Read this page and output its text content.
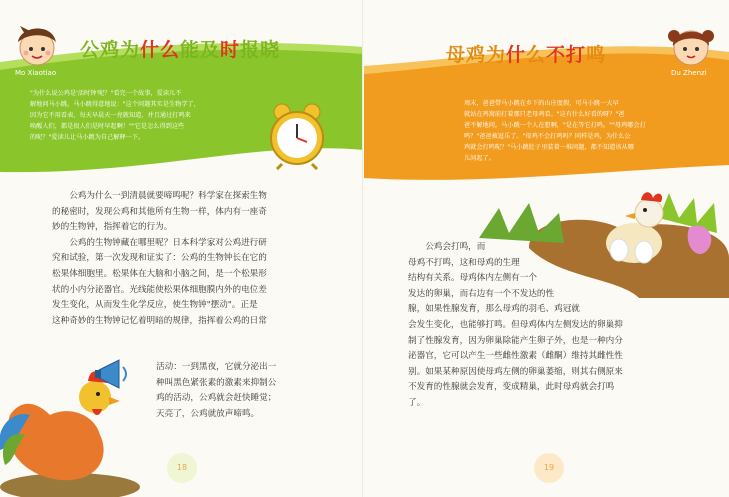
Mo Xiaotiao
公鸡为什么能及时报晓
"为什么说公鸡是'活时钟'呢？"看完一个故事，爱读儿不
解地问马小跳。马小跳得意地说："这个问题其实是生物学了，
因为它不用看表，每天早晨天一亮就知道，并且通过打鸣来
唤醒人们，都是很人们是时早起啊！""它是怎么得到这些
的呢？"爱读儿让马小跳为自己解释一下。
　　公鸡为什么一到清晨就要啼鸣呢？科学家在探索生物
的秘密时，发现公鸡和其他所有生物一样，体内有一座奇
妙的生物钟，指挥着它的行为。
　　公鸡的生物钟藏在哪里呢？日本科学家对公鸡进行研
究和试验，第一次发现和证实了：公鸡的生物钟长在它的
松果体细胞里。松果体在大脑和小脑之间，是一个松果形
状的小内分泌器官。光线能使松果体细胞膜内外的电位差
发生变化，从而发生化学反应，使生物钟"摆动"。正是
这种奇妙的生物钟记忆着明暗的规律，指挥着公鸡的日常
活动：一到黑夜，它就分泌出一
种叫黑色紧张素的激素来抑制公
鸡的活动，公鸡就会赶快睡觉；
天亮了，公鸡就放声啼鸣。
18
母鸡为什么不打鸣
Du Zhenzi
周末，爸爸带马小跳在乡下的山庄度假，可马小跳一大早
就站在鸡窝前打着那只老母鸡看。"这有什么好看的呀？"爸
爸不解地问。马小跳一个人在想啊，"是在等它打鸣。""母鸡哪会打
鸣？"爸爸被逗乐了。"母鸡不会打鸣吗？同样是鸡，为什么公
鸡就会打鸣呢？"马小跳肚子里装着一堆问题，都不知道该从哪
儿问起了。
　　公鸡会打鸣，而
母鸡不打鸣，这和母鸡的生理
结构有关系。母鸡体内左侧有一个
发达的卵巢，而右边有一个不发达的性
腺，如果性腺发育，那么母鸡的羽毛、鸡冠就
会发生变化，也能够打鸣。但母鸡体内左侧发达的卵巢抑
制了性腺发育，因为卵巢除能产生卵子外，也是一种内分
泌器官，它可以产生一些雌性激素（雌酮）维持其雌性性
别。如果某种原因使母鸡左侧的卵巢萎缩，则其右侧原来
不发育的性腺就会发育，变成精巢，此时母鸡就会打鸣
了。
19
